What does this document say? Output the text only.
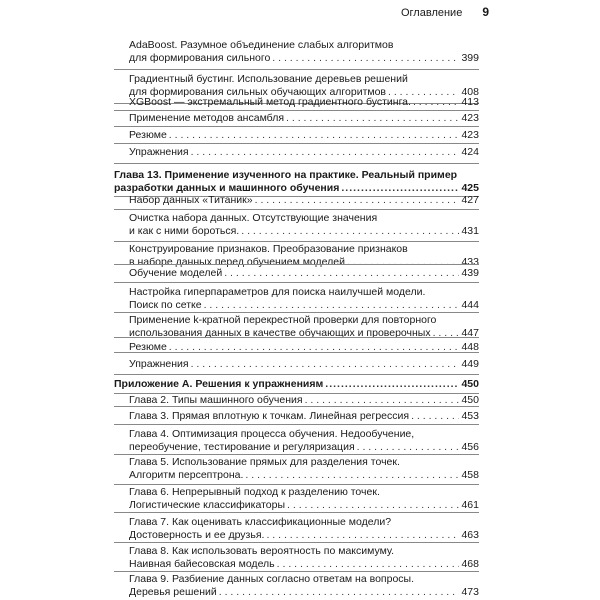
Оглавление 9
AdaBoost. Разумное объединение слабых алгоритмов
для формирования сильного . . .	399
Градиентный бустинг. Использование деревьев решений
для формирования сильных обучающих алгоритмов . . .	408
XGBoost — экстремальный метод градиентного бустинга. . . .	413
Применение методов ансамбля . . .	423
Резюме . . .	423
Упражнения . . .	424
Глава 13. Применение изученного на практике. Реальный пример
разработки данных и машинного обучения .....	425
Набор данных «Титаник» . . .	427
Очистка набора данных. Отсутствующие значения
и как с ними бороться. . . .	431
Конструирование признаков. Преобразование признаков
в наборе данных перед обучением моделей . . .	433
Обучение моделей . . .	439
Настройка гиперпараметров для поиска наилучшей модели.
Поиск по сетке . . .	444
Применение k-кратной перекрестной проверки для повторного
использования данных в качестве обучающих и проверочных . . .	447
Резюме . . .	448
Упражнения . . .	449
Приложение А. Решения к упражнениям .....	450
Глава 2. Типы машинного обучения . . .	450
Глава 3. Прямая вплотную к точкам. Линейная регрессия . . .	453
Глава 4. Оптимизация процесса обучения. Недообучение,
переобучение, тестирование и регуляризация . . .	456
Глава 5. Использование прямых для разделения точек.
Алгоритм персептрона. . . .	458
Глава 6. Непрерывный подход к разделению точек.
Логистические классификаторы . . .	461
Глава 7. Как оценивать классификационные модели?
Достоверность и ее друзья. . . .	463
Глава 8. Как использовать вероятность по максимуму.
Наивная байесовская модель . . .	468
Глава 9. Разбиение данных согласно ответам на вопросы.
Деревья решений . . .	473
